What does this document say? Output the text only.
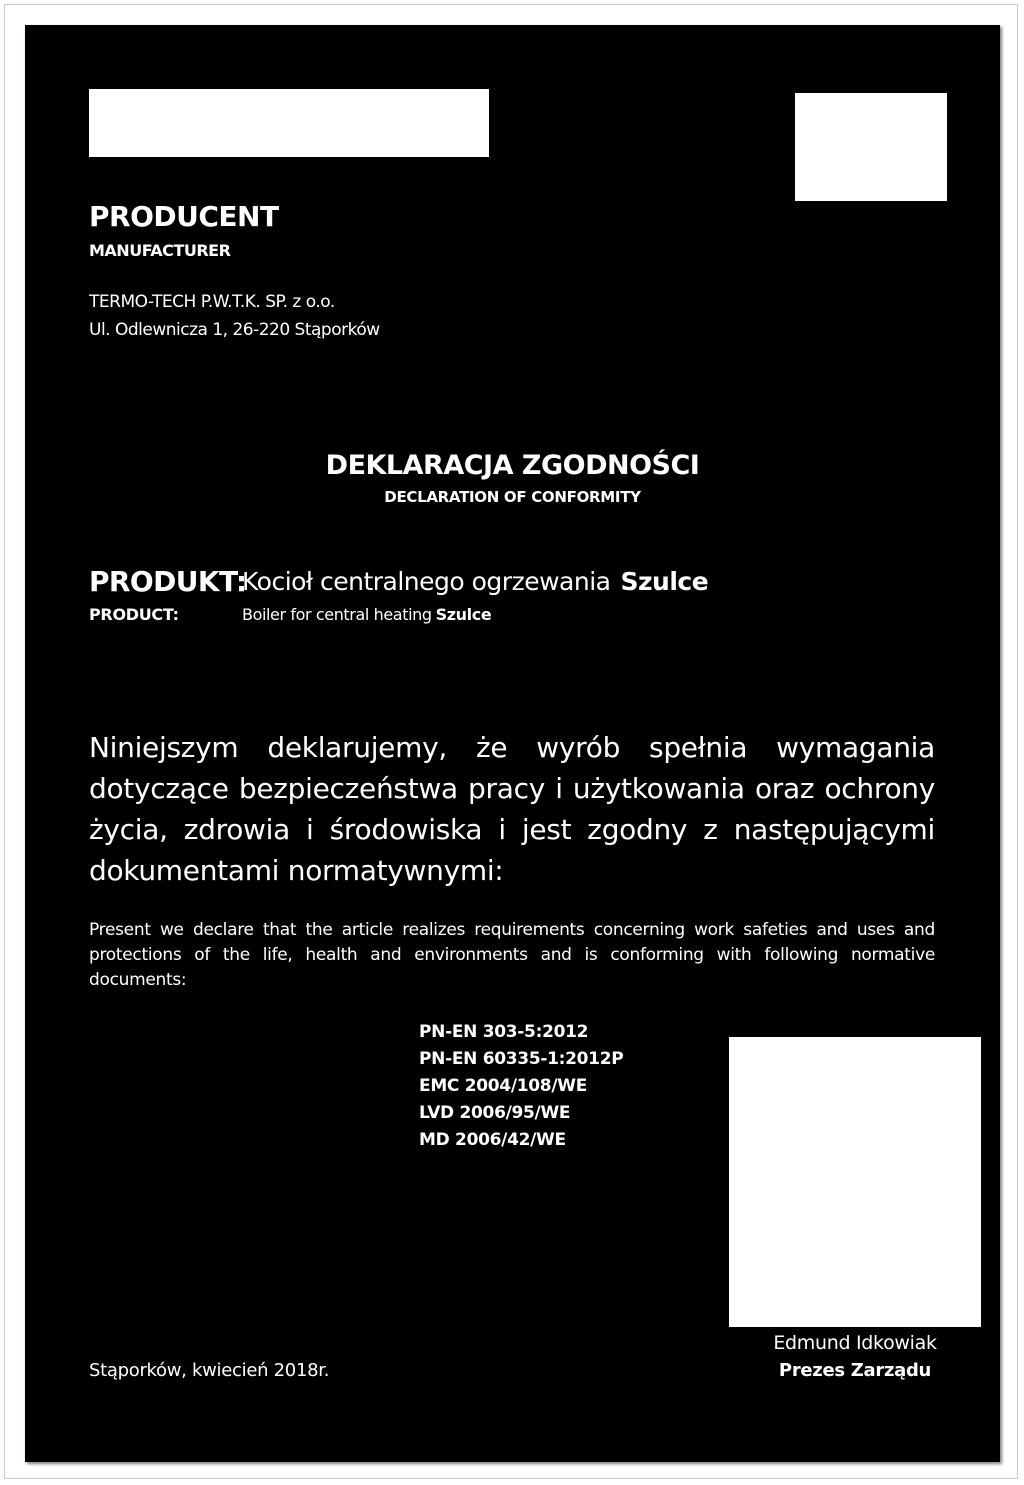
PRODUCENT
MANUFACTURER
TERMO-TECH P.W.T.K. SP. z o.o.
Ul. Odlewnicza 1, 26-220 Stąporków
DEKLARACJA ZGODNOŚCI
DECLARATION OF CONFORMITY
PRODUKT:
Kocioł centralnego ogrzewania Szulce
PRODUCT:	Boiler for central heating Szulce

Niniejszym deklarujemy, że wyrób spełnia wymagania dotyczące bezpieczeństwa pracy i użytkowania oraz ochrony życia, zdrowia i środowiska i jest zgodny z następującymi dokumentami normatywnymi:

Present we declare that the article realizes requirements concerning work safeties and uses and protections of the life, health and environments and is conforming with following normative documents:

PN-EN 303-5:2012
PN-EN 60335-1:2012P
EMC 2004/108/WE
LVD 2006/95/WE
MD 2006/42/WE
Edmund Idkowiak
Prezes Zarządu
Stąporków, kwiecień 2018r.
